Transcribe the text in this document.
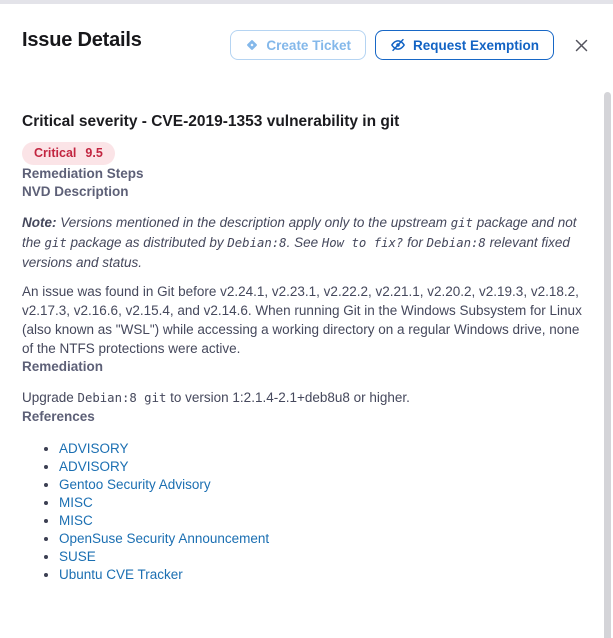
Issue Details	Create Ticket	Request Exemption
Critical severity - CVE-2019-1353 vulnerability in git
Critical 9.5
Remediation Steps
NVD Description

Note: Versions mentioned in the description apply only to the upstream git package and not the git package as distributed by Debian:8. See How to fix? for Debian:8 relevant fixed versions and status.

An issue was found in Git before v2.24.1, v2.23.1, v2.22.2, v2.21.1, v2.20.2, v2.19.3, v2.18.2, v2.17.3, v2.16.6, v2.15.4, and v2.14.6. When running Git in the Windows Subsystem for Linux (also known as "WSL") while accessing a working directory on a regular Windows drive, none of the NTFS protections were active.

Remediation

Upgrade Debian:8 git to version 1:2.1.4-2.1+deb8u8 or higher.

References
• ADVISORY
• ADVISORY
• Gentoo Security Advisory
• MISC
• MISC
• OpenSuse Security Announcement
• SUSE
• Ubuntu CVE Tracker
